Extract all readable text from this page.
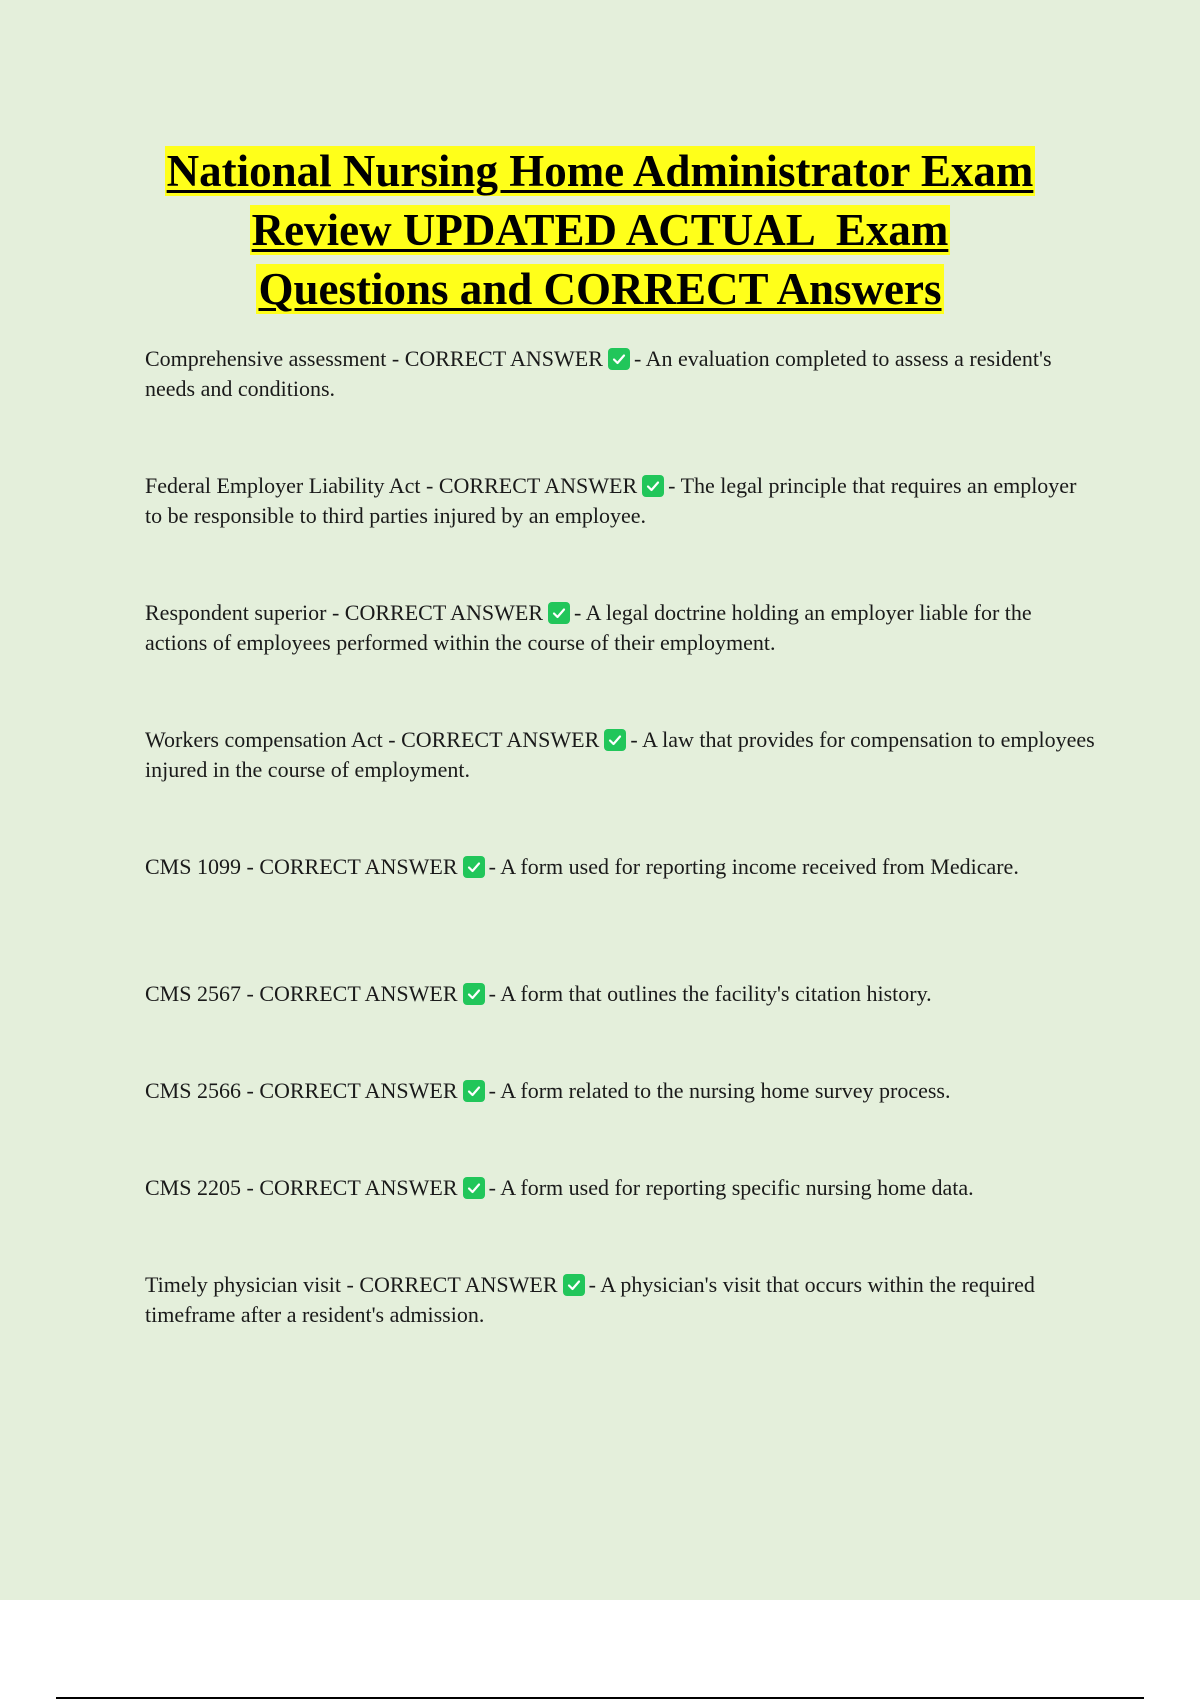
National Nursing Home Administrator Exam
Review UPDATED ACTUAL  Exam
Questions and CORRECT Answers

Comprehensive assessment - CORRECT ANSWER - An evaluation completed to assess a resident's needs and conditions.

Federal Employer Liability Act - CORRECT ANSWER - The legal principle that requires an employer to be responsible to third parties injured by an employee.

Respondent superior - CORRECT ANSWER - A legal doctrine holding an employer liable for the actions of employees performed within the course of their employment.

Workers compensation Act - CORRECT ANSWER - A law that provides for compensation to employees injured in the course of employment.

CMS 1099 - CORRECT ANSWER - A form used for reporting income received from Medicare.

CMS 2567 - CORRECT ANSWER - A form that outlines the facility's citation history.

CMS 2566 - CORRECT ANSWER - A form related to the nursing home survey process.

CMS 2205 - CORRECT ANSWER - A form used for reporting specific nursing home data.

Timely physician visit - CORRECT ANSWER - A physician's visit that occurs within the required timeframe after a resident's admission.
